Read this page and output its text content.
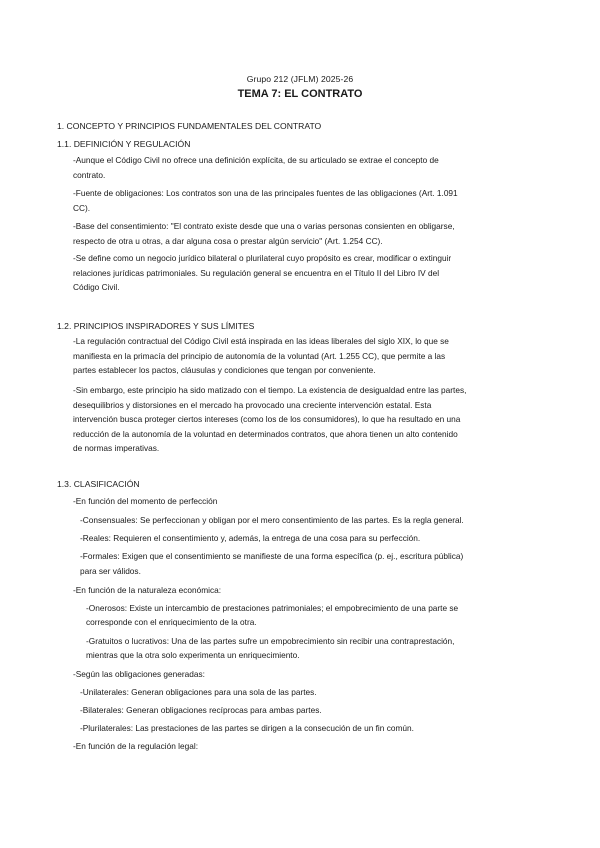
Grupo 212 (JFLM) 2025-26
TEMA 7: EL CONTRATO
1. CONCEPTO Y PRINCIPIOS FUNDAMENTALES DEL CONTRATO
1.1. DEFINICIÓN Y REGULACIÓN
-Aunque el Código Civil no ofrece una definición explícita, de su articulado se extrae el concepto de
contrato.
-Fuente de obligaciones: Los contratos son una de las principales fuentes de las obligaciones (Art. 1.091
CC).
-Base del consentimiento: "El contrato existe desde que una o varias personas consienten en obligarse,
respecto de otra u otras, a dar alguna cosa o prestar algún servicio" (Art. 1.254 CC).
-Se define como un negocio jurídico bilateral o plurilateral cuyo propósito es crear, modificar o extinguir
relaciones jurídicas patrimoniales. Su regulación general se encuentra en el Título II del Libro IV del
Código Civil.
1.2. PRINCIPIOS INSPIRADORES Y SUS LÍMITES
-La regulación contractual del Código Civil está inspirada en las ideas liberales del siglo XIX, lo que se
manifiesta en la primacía del principio de autonomía de la voluntad (Art. 1.255 CC), que permite a las
partes establecer los pactos, cláusulas y condiciones que tengan por conveniente.
-Sin embargo, este principio ha sido matizado con el tiempo. La existencia de desigualdad entre las partes,
desequilibrios y distorsiones en el mercado ha provocado una creciente intervención estatal. Esta
intervención busca proteger ciertos intereses (como los de los consumidores), lo que ha resultado en una
reducción de la autonomía de la voluntad en determinados contratos, que ahora tienen un alto contenido
de normas imperativas.
1.3. CLASIFICACIÓN
-En función del momento de perfección
-Consensuales: Se perfeccionan y obligan por el mero consentimiento de las partes. Es la regla general.
-Reales: Requieren el consentimiento y, además, la entrega de una cosa para su perfección.
-Formales: Exigen que el consentimiento se manifieste de una forma específica (p. ej., escritura pública)
para ser válidos.
-En función de la naturaleza económica:
-Onerosos: Existe un intercambio de prestaciones patrimoniales; el empobrecimiento de una parte se
corresponde con el enriquecimiento de la otra.
-Gratuitos o lucrativos: Una de las partes sufre un empobrecimiento sin recibir una contraprestación,
mientras que la otra solo experimenta un enriquecimiento.
-Según las obligaciones generadas:
-Unilaterales: Generan obligaciones para una sola de las partes.
-Bilaterales: Generan obligaciones recíprocas para ambas partes.
-Plurilaterales: Las prestaciones de las partes se dirigen a la consecución de un fin común.
-En función de la regulación legal:
